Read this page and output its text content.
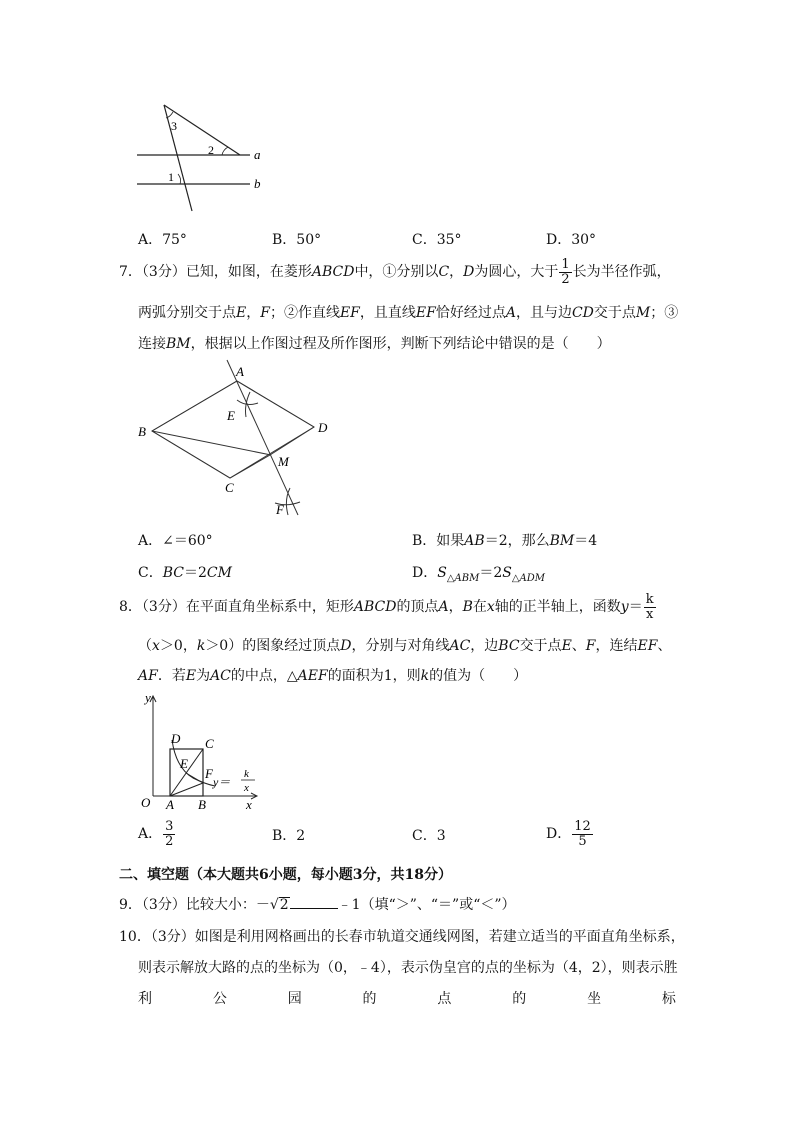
3
2
1
a
b
A．75°	B．50°	C．35°	D．30°
7．（3分）已知，如图，在菱形ABCD中，①分别以C，D为圆心，大于 $\frac{1}{2}$ 长为半径作弧，
两弧分别交于点E，F；②作直线EF，且直线EF恰好经过点A，且与边CD交于点M；③
连接BM，根据以上作图过程及所作图形，判断下列结论中错误的是（　　）
A
B
C
D
E
F
M
A．∠＝60°	B．如果AB＝2，那么BM＝4
C．BC＝2CM	D．$S_{\triangle ABM}=2S_{\triangle ADM}$
8．（3分）在平面直角坐标系中，矩形ABCD的顶点A，B在x轴的正半轴上，函数$y= \frac{k}{x}$
（x＞0，k＞0）的图象经过顶点D，分别与对角线AC，边BC交于点E、F，连结EF、
AF．若E为AC的中点，△AEF的面积为1，则k的值为（　　）
y
x
O A B
C
D
E
F
y＝
k
x
A． $\frac{3}{2}$	B．2	C．3	D． $\frac{12}{5}$
二、填空题（本大题共6小题，每小题3分，共18分）
9．（3分）比较大小：－√2	﹣1（填“＞”、“＝”或“＜”）
10．（3分）如图是利用网格画出的长春市轨道交通线网图，若建立适当的平面直角坐标系，
则表示解放大路的点的坐标为（0，﹣4），表示伪皇宫的点的坐标为（4，2），则表示胜
利	公	园	的	点	的	坐	标
